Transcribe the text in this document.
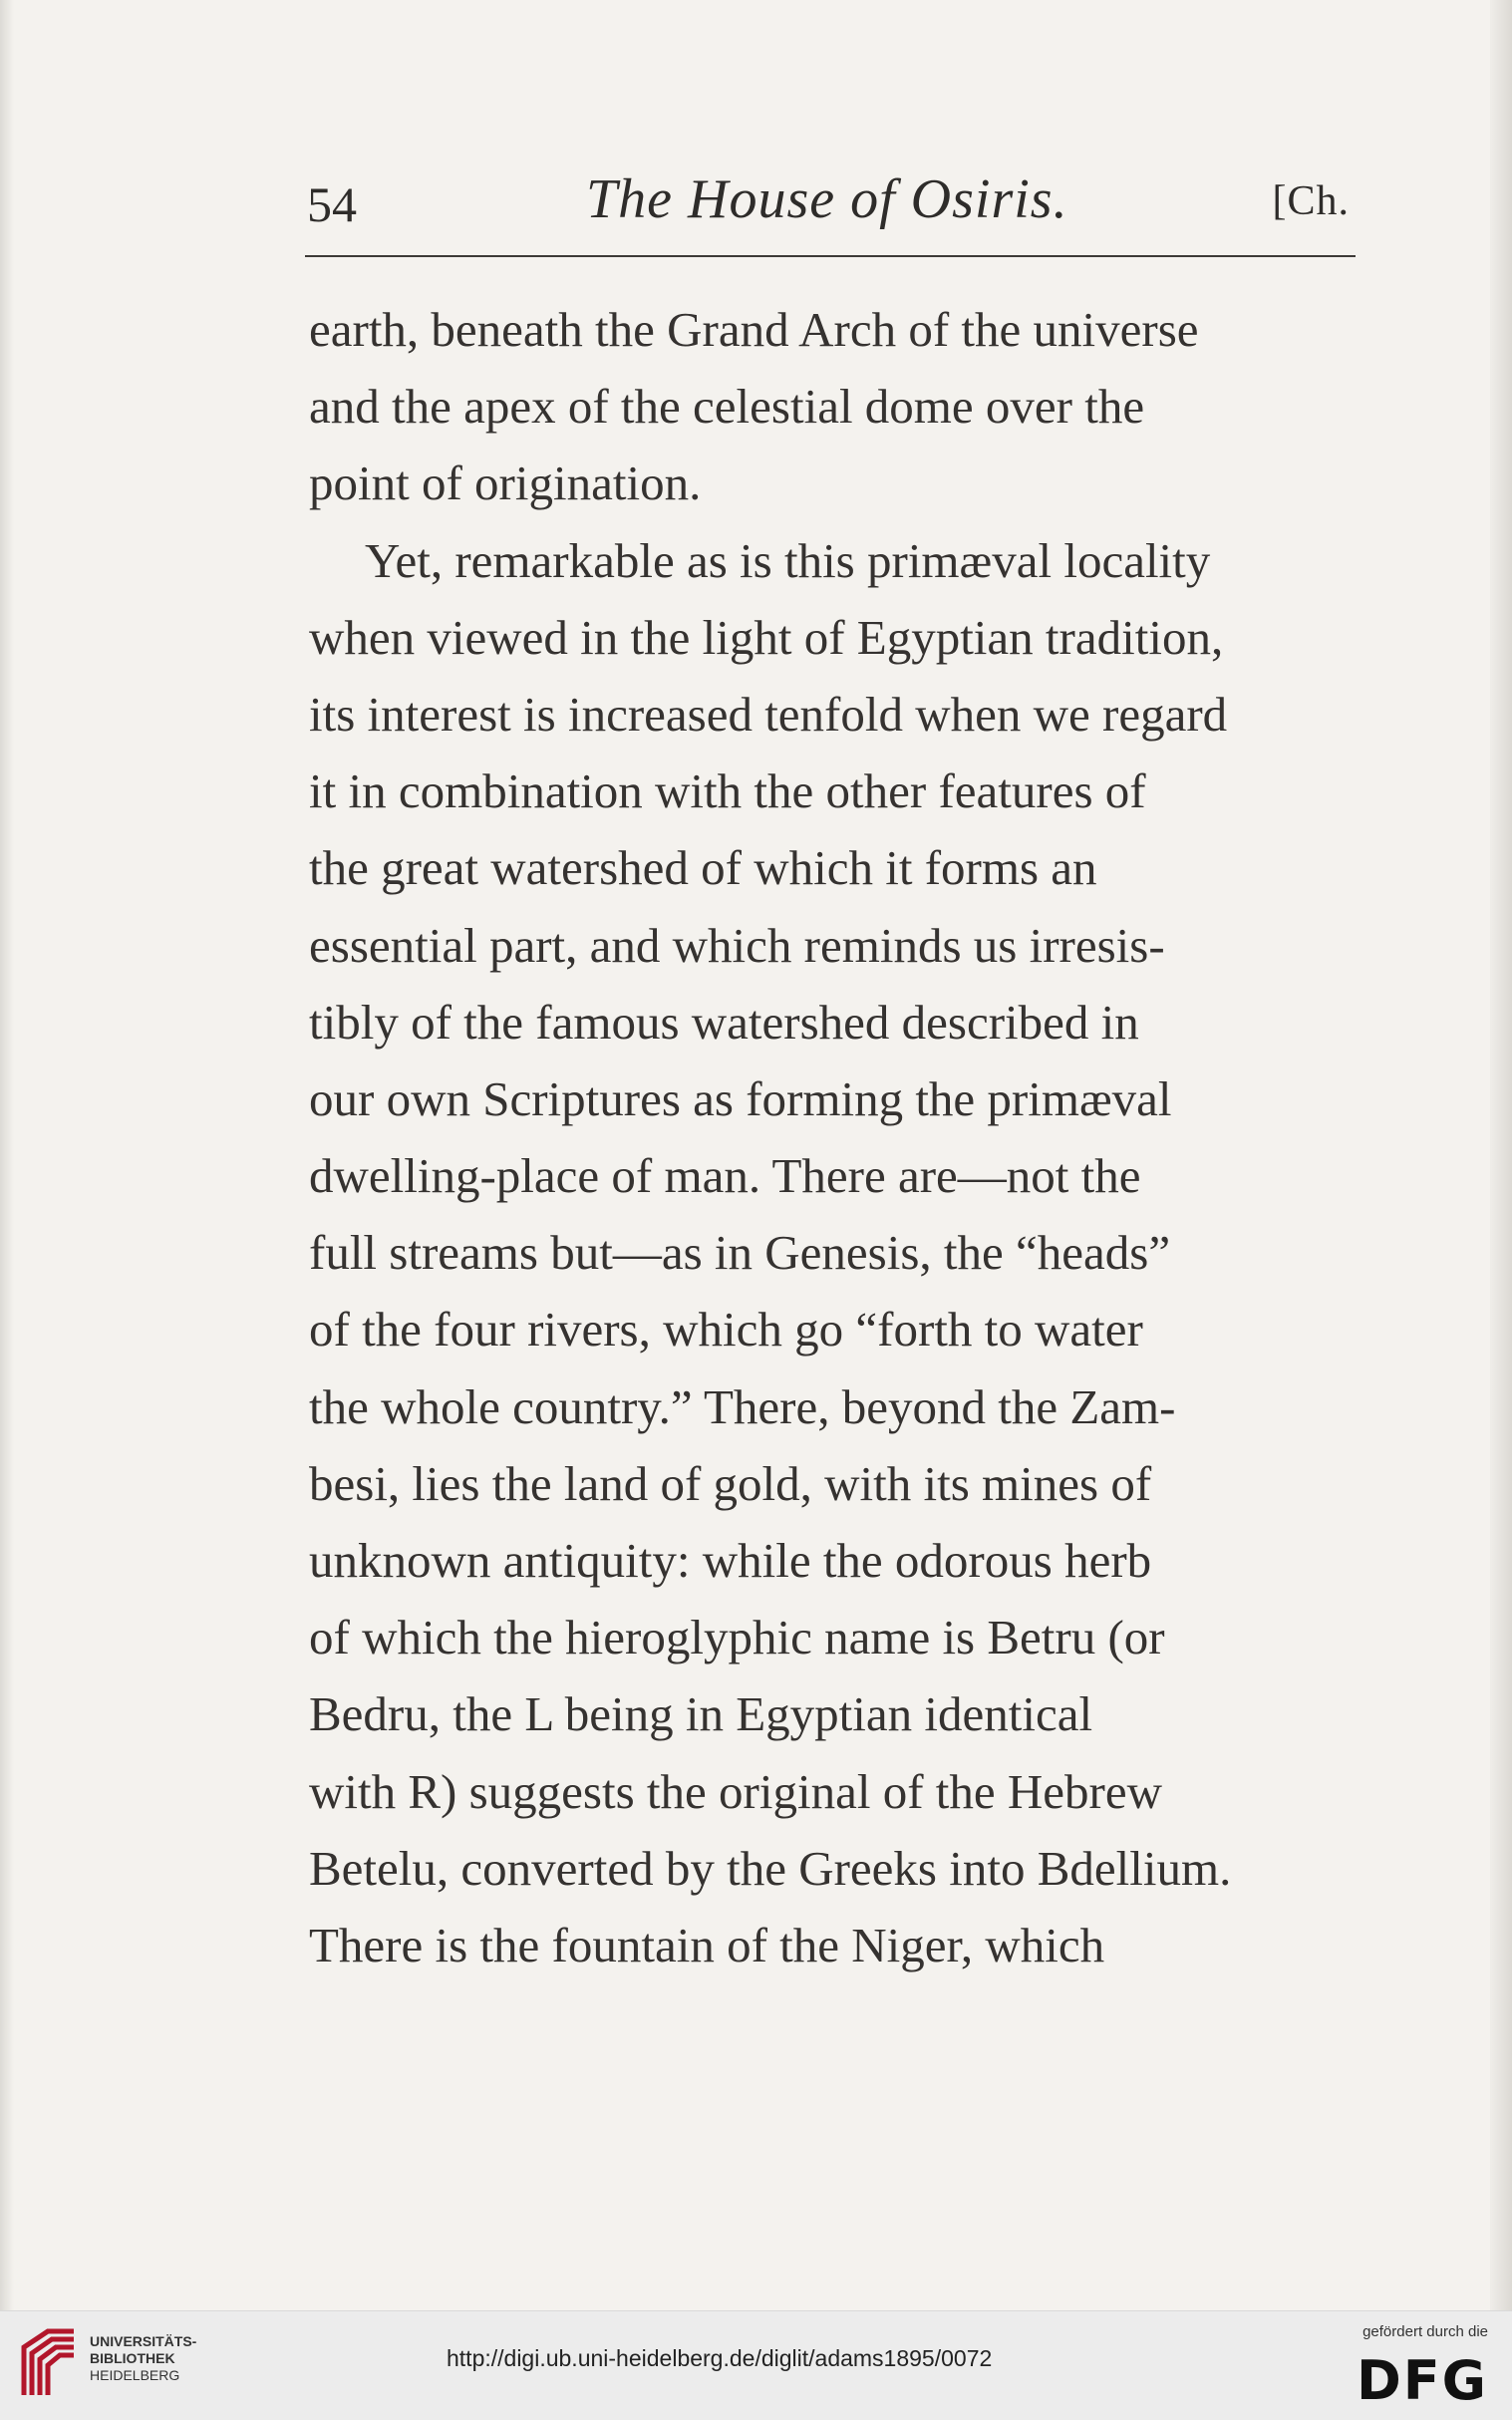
54	The House of Osiris.	[Ch.
earth, beneath the Grand Arch of the universe
and the apex of the celestial dome over the
point of origination.
Yet, remarkable as is this primæval locality
when viewed in the light of Egyptian tradition,
its interest is increased tenfold when we regard
it in combination with the other features of
the great watershed of which it forms an
essential part, and which reminds us irresis-
tibly of the famous watershed described in
our own Scriptures as forming the primæval
dwelling-place of man. There are—not the
full streams but—as in Genesis, the “heads”
of the four rivers, which go “forth to water
the whole country.” There, beyond the Zam-
besi, lies the land of gold, with its mines of
unknown antiquity: while the odorous herb
of which the hieroglyphic name is Betru (or
Bedru, the L being in Egyptian identical
with R) suggests the original of the Hebrew
Betelu, converted by the Greeks into Bdellium.
There is the fountain of the Niger, which
UNIVERSITÄTS-
BIBLIOTHEK
HEIDELBERG
http://digi.ub.uni-heidelberg.de/diglit/adams1895/0072
gefördert durch die
DFG
